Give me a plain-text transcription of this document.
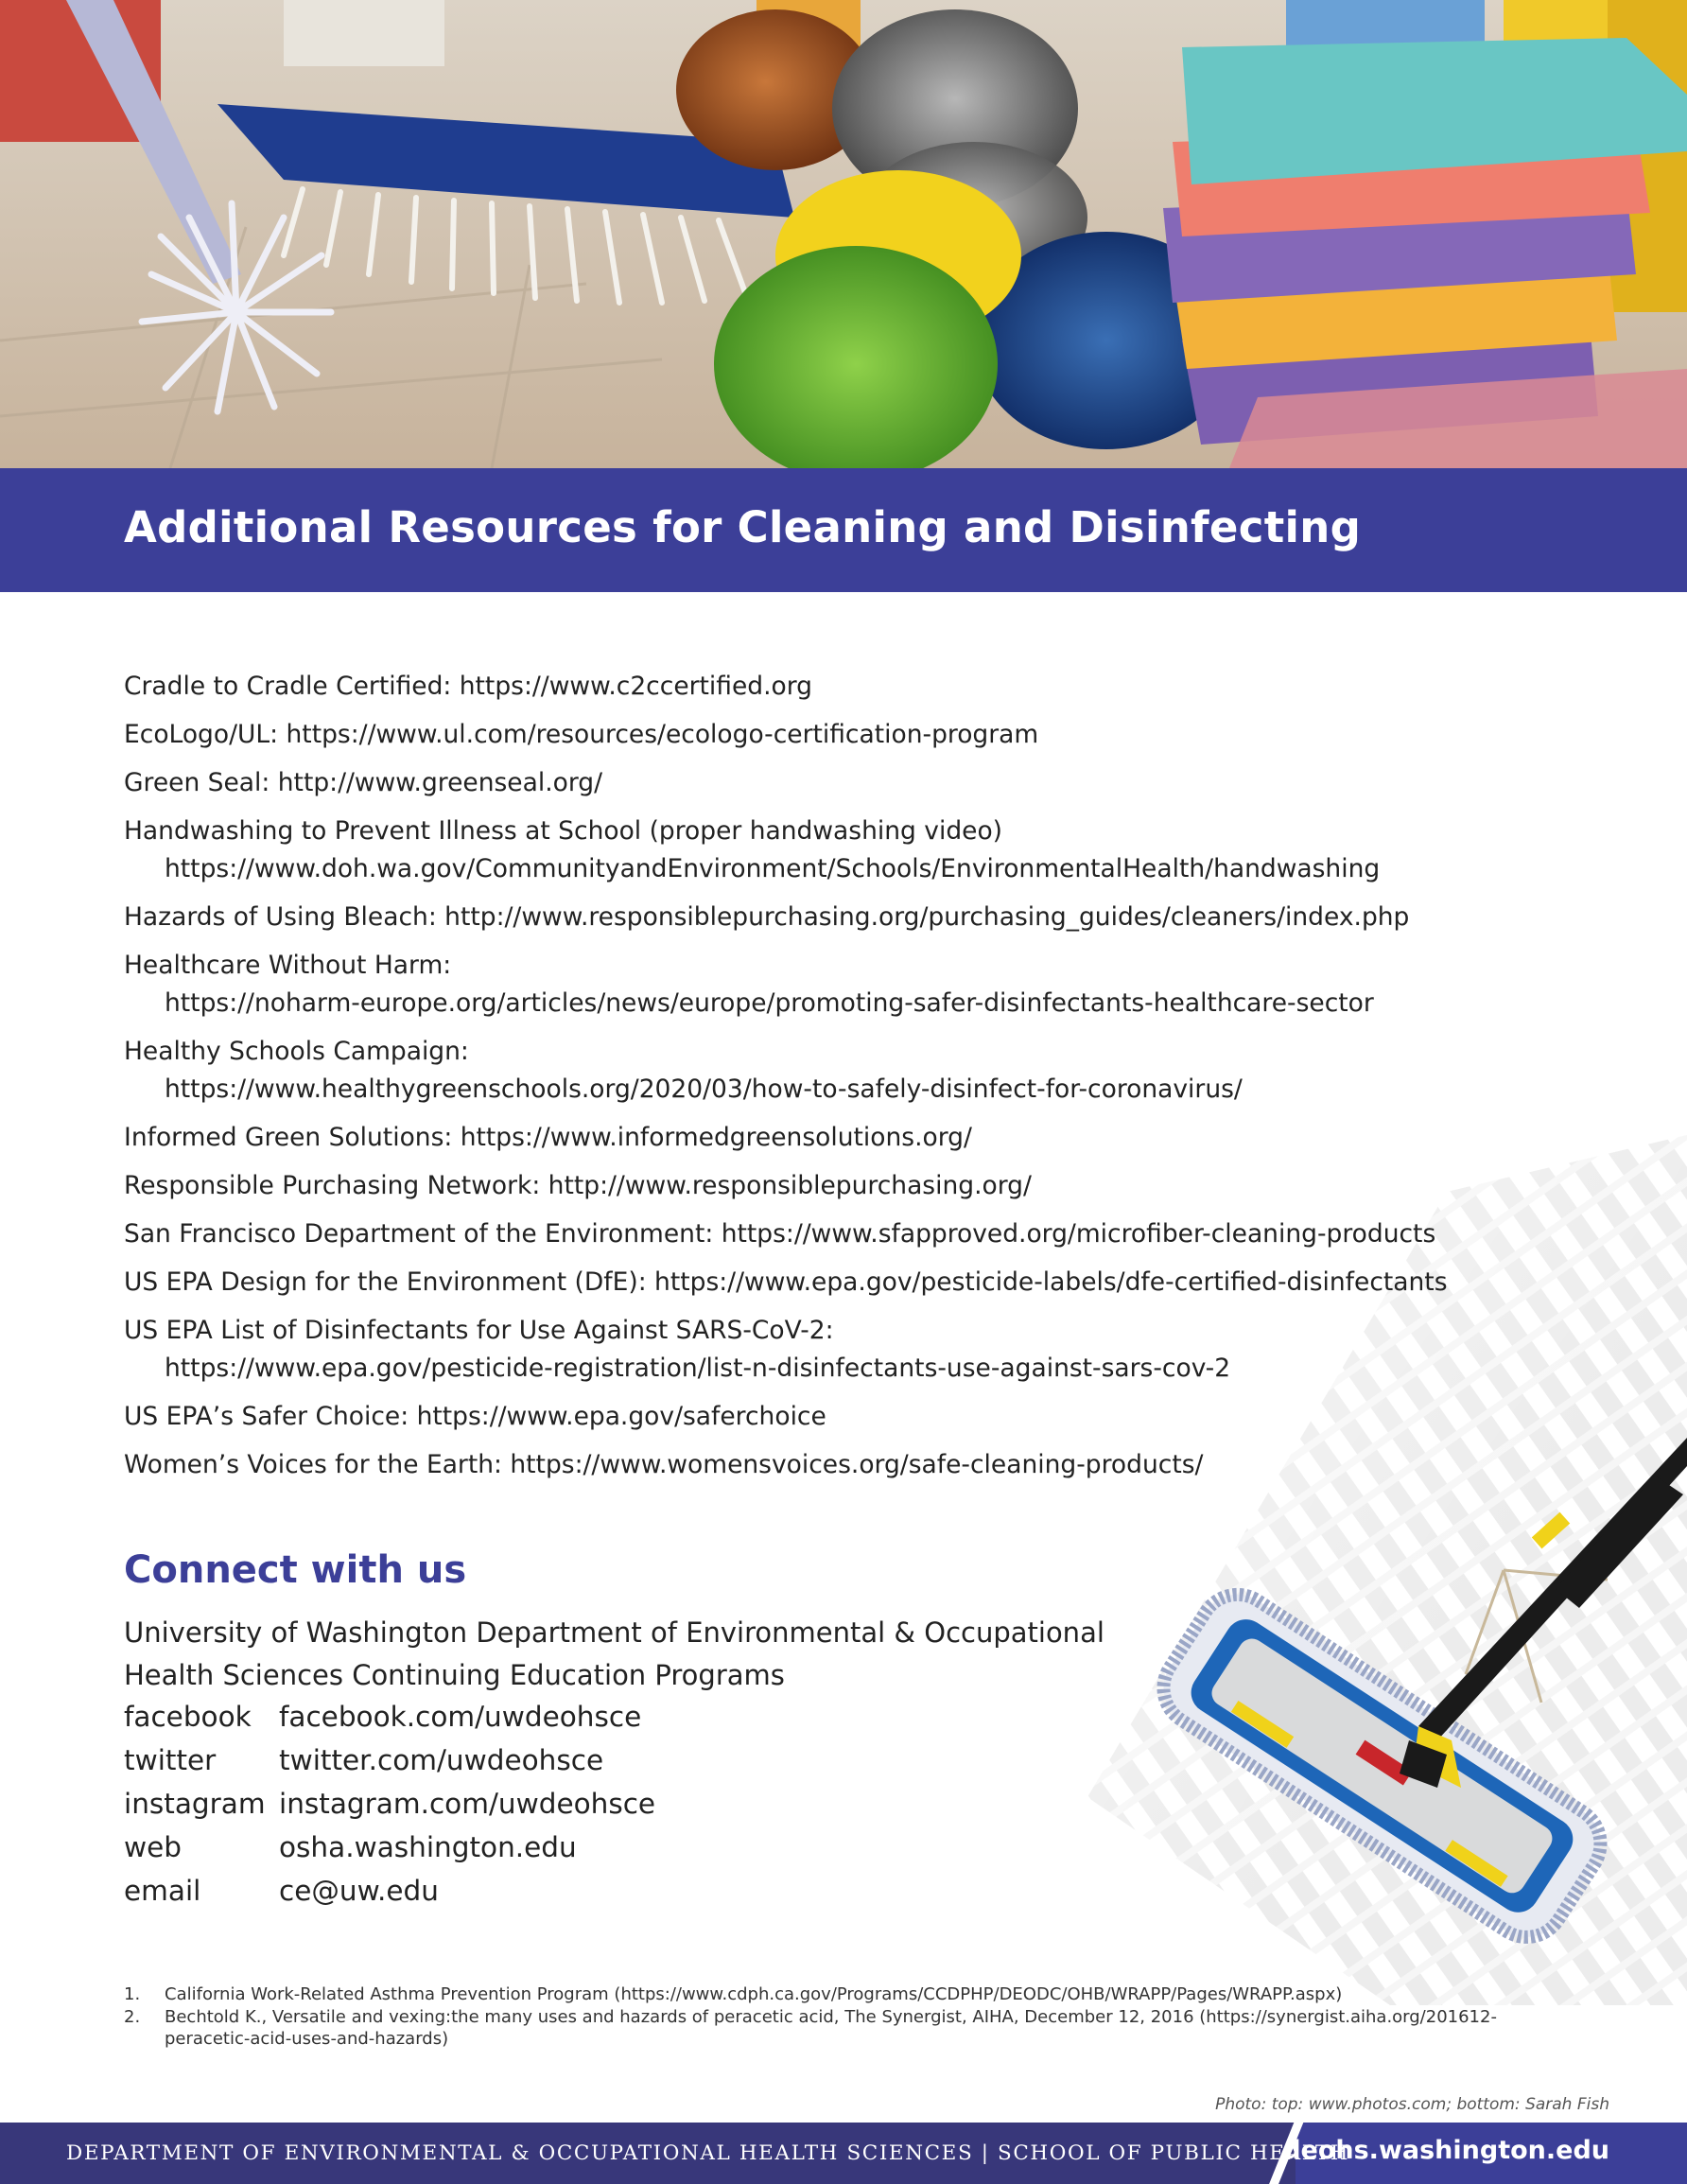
Additional Resources for Cleaning and Disinfecting
Cradle to Cradle Certified: https://www.c2ccertified.org
EcoLogo/UL: https://www.ul.com/resources/ecologo-certification-program
Green Seal: http://www.greenseal.org/
Handwashing to Prevent Illness at School (proper handwashing video)
https://www.doh.wa.gov/CommunityandEnvironment/Schools/EnvironmentalHealth/handwashing
Hazards of Using Bleach: http://www.responsiblepurchasing.org/purchasing_guides/cleaners/index.php
Healthcare Without Harm:
https://noharm-europe.org/articles/news/europe/promoting-safer-disinfectants-healthcare-sector
Healthy Schools Campaign:
https://www.healthygreenschools.org/2020/03/how-to-safely-disinfect-for-coronavirus/
Informed Green Solutions: https://www.informedgreensolutions.org/
Responsible Purchasing Network: http://www.responsiblepurchasing.org/
San Francisco Department of the Environment: https://www.sfapproved.org/microfiber-cleaning-products
US EPA Design for the Environment (DfE): https://www.epa.gov/pesticide-labels/dfe-certified-disinfectants
US EPA List of Disinfectants for Use Against SARS-CoV-2:
https://www.epa.gov/pesticide-registration/list-n-disinfectants-use-against-sars-cov-2
US EPA’s Safer Choice: https://www.epa.gov/saferchoice
Women’s Voices for the Earth: https://www.womensvoices.org/safe-cleaning-products/
Connect with us
University of Washington Department of Environmental & Occupational
Health Sciences Continuing Education Programs
facebook	facebook.com/uwdeohsce
twitter	twitter.com/uwdeohsce
instagram	instagram.com/uwdeohsce
web	osha.washington.edu
email	ce@uw.edu
1. California Work-Related Asthma Prevention Program (https://www.cdph.ca.gov/Programs/CCDPHP/DEODC/OHB/WRAPP/Pages/WRAPP.aspx)
2. Bechtold K., Versatile and vexing:the many uses and hazards of peracetic acid, The Synergist, AIHA, December 12, 2016 (https://synergist.aiha.org/201612-peracetic-acid-uses-and-hazards)
Photo: top: www.photos.com; bottom: Sarah Fish
DEPARTMENT OF ENVIRONMENTAL & OCCUPATIONAL HEALTH SCIENCES | SCHOOL OF PUBLIC HEALTH
deohs.washington.edu
